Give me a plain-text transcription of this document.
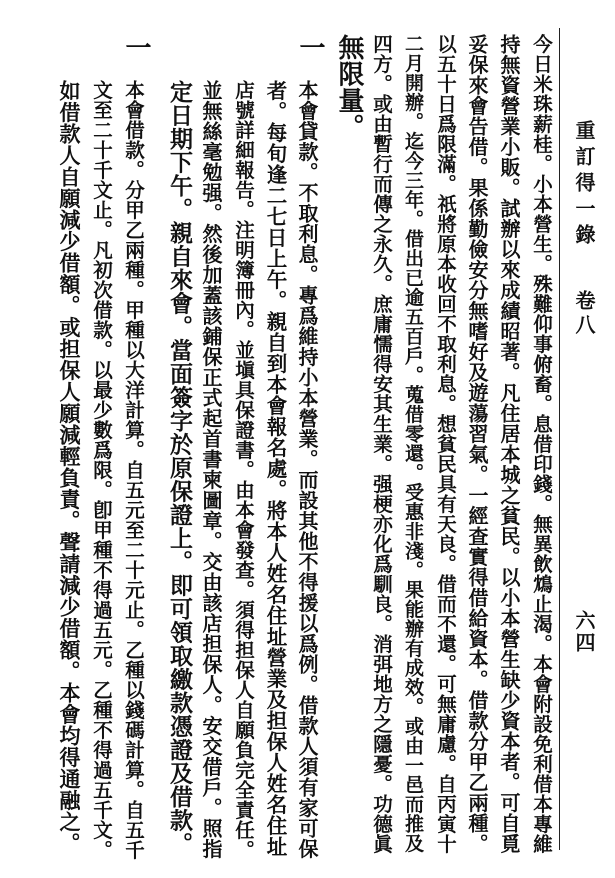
重訂得一錄
卷八
六四
今日米珠薪桂。小本營生。殊難仰事俯畜。息借印錢。無異飲鴆止渴。本會附設免利借本專維
持無資營業小販。試辦以來成績昭著。凡住居本城之貧民。以小本營生缺少資本者。可自覓
妥保來會告借。果係勤儉安分無嗜好及遊蕩習氣。一經查實得借給資本。借款分甲乙兩種。
以五十日爲限滿。祇將原本收回不取利息。想貧民具有天良。借而不還。可無庸慮。自丙寅十
二月開辦。迄今三年。借出已逾五百戶。蒐借零還。受惠非淺。果能辦有成效。或由一邑而推及
四方。或由暫行而傳之永久。庶庸懦得安其生業。强梗亦化爲馴良。消弭地方之隱憂。功德眞
無限量。
一
本會貸款。不取利息。專爲維持小本營業。而設其他不得援以爲例。借款人須有家可保
者。每旬逢二七日上午。親自到本會報名處。將本人姓名住址營業及担保人姓名住址
店號詳細報告。注明簿冊內。並塡具保證書。由本會發查。須得担保人自願負完全責任。
並無絲毫勉强。然後加蓋該鋪保正式起首書柬圖章。交由該店担保人。安交借戶。照指
定日期下午。親自來會。當面簽字於原保證上。即可領取繳款憑證及借款。
一
本會借款。分甲乙兩種。甲種以大洋計算。自五元至二十元止。乙種以錢碼計算。自五千
文至二十千文止。凡初次借款。以最少數爲限。卽甲種不得過五元。乙種不得過五千文。
如借款人自願減少借額。或担保人願減輕負責。聲請減少借額。本會均得通融之。
